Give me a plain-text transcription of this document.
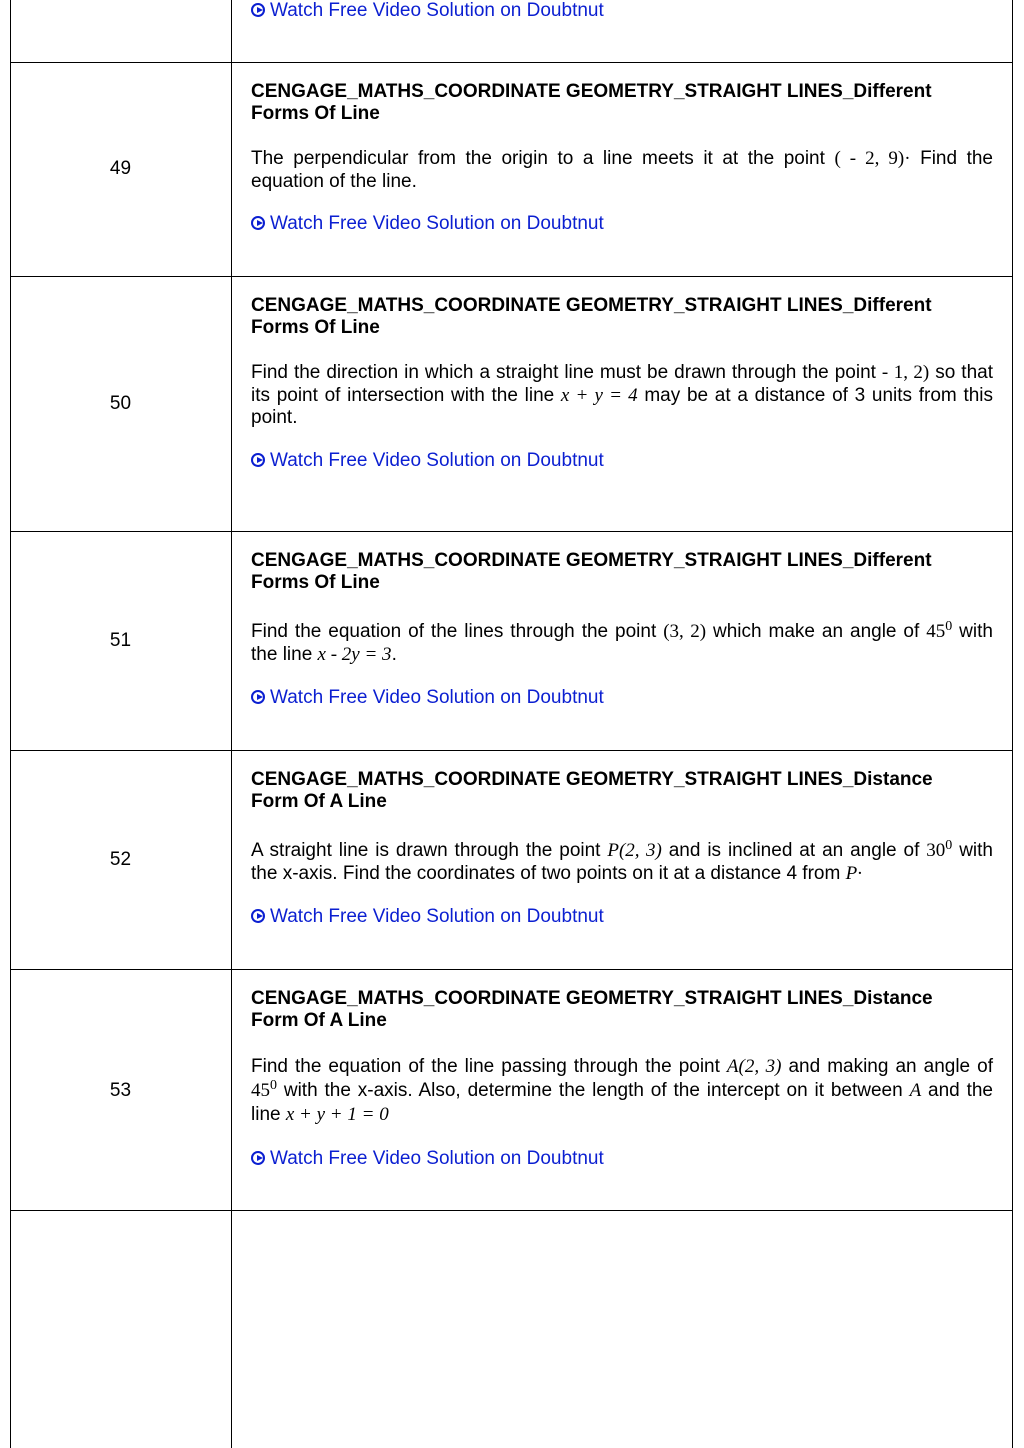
Watch Free Video Solution on Doubtnut
49

CENGAGE_MATHS_COORDINATE GEOMETRY_STRAIGHT LINES_Different
Forms Of Line

The perpendicular from the origin to a line meets it at the point ( - 2, 9)· Find the equation of the line.

Watch Free Video Solution on Doubtnut
50

CENGAGE_MATHS_COORDINATE GEOMETRY_STRAIGHT LINES_Different
Forms Of Line

Find the direction in which a straight line must be drawn through the point - 1, 2) so that its point of intersection with the line x + y = 4 may be at a distance of 3 units from this point.

Watch Free Video Solution on Doubtnut
51

CENGAGE_MATHS_COORDINATE GEOMETRY_STRAIGHT LINES_Different
Forms Of Line

Find the equation of the lines through the point (3, 2) which make an angle of $45^0$ with the line x - 2y = 3.

Watch Free Video Solution on Doubtnut
52

CENGAGE_MATHS_COORDINATE GEOMETRY_STRAIGHT LINES_Distance
Form Of A Line

A straight line is drawn through the point P(2, 3) and is inclined at an angle of $30^0$ with the x-axis. Find the coordinates of two points on it at a distance 4 from P·

Watch Free Video Solution on Doubtnut
53

CENGAGE_MATHS_COORDINATE GEOMETRY_STRAIGHT LINES_Distance
Form Of A Line

Find the equation of the line passing through the point A(2, 3) and making an angle of $45^0$ with the x-axis. Also, determine the length of the intercept on it between A and the line x + y + 1 = 0

Watch Free Video Solution on Doubtnut
